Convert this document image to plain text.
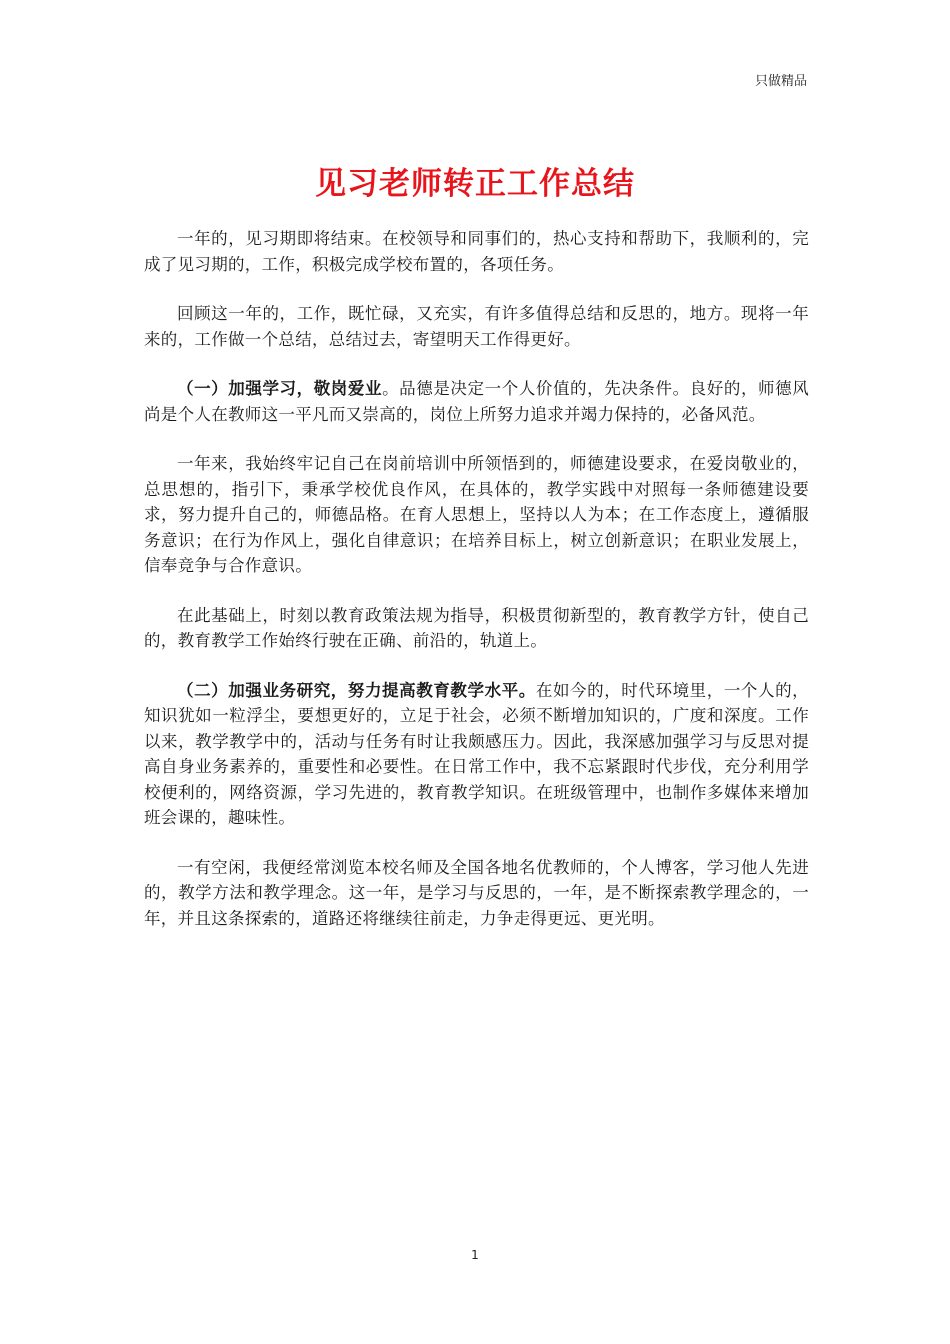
只做精品
见习老师转正工作总结

一年的，见习期即将结束。在校领导和同事们的，热心支持和帮助下，我顺利的，完成了见习期的，工作，积极完成学校布置的，各项任务。

回顾这一年的，工作，既忙碌，又充实，有许多值得总结和反思的，地方。现将一年来的，工作做一个总结，总结过去，寄望明天工作得更好。

（一）加强学习，敬岗爱业。品德是决定一个人价值的，先决条件。良好的，师德风尚是个人在教师这一平凡而又崇高的，岗位上所努力追求并竭力保持的，必备风范。

一年来，我始终牢记自己在岗前培训中所领悟到的，师德建设要求，在爱岗敬业的，总思想的，指引下，秉承学校优良作风，在具体的，教学实践中对照每一条师德建设要求，努力提升自己的，师德品格。在育人思想上，坚持以人为本；在工作态度上，遵循服务意识；在行为作风上，强化自律意识；在培养目标上，树立创新意识；在职业发展上，信奉竞争与合作意识。

在此基础上，时刻以教育政策法规为指导，积极贯彻新型的，教育教学方针，使自己的，教育教学工作始终行驶在正确、前沿的，轨道上。

（二）加强业务研究，努力提高教育教学水平。在如今的，时代环境里，一个人的，知识犹如一粒浮尘，要想更好的，立足于社会，必须不断增加知识的，广度和深度。工作以来，教学教学中的，活动与任务有时让我颇感压力。因此，我深感加强学习与反思对提高自身业务素养的，重要性和必要性。在日常工作中，我不忘紧跟时代步伐，充分利用学校便利的，网络资源，学习先进的，教育教学知识。在班级管理中，也制作多媒体来增加班会课的，趣味性。

一有空闲，我便经常浏览本校名师及全国各地名优教师的，个人博客，学习他人先进的，教学方法和教学理念。这一年，是学习与反思的，一年，是不断探索教学理念的，一年，并且这条探索的，道路还将继续往前走，力争走得更远、更光明。

1
